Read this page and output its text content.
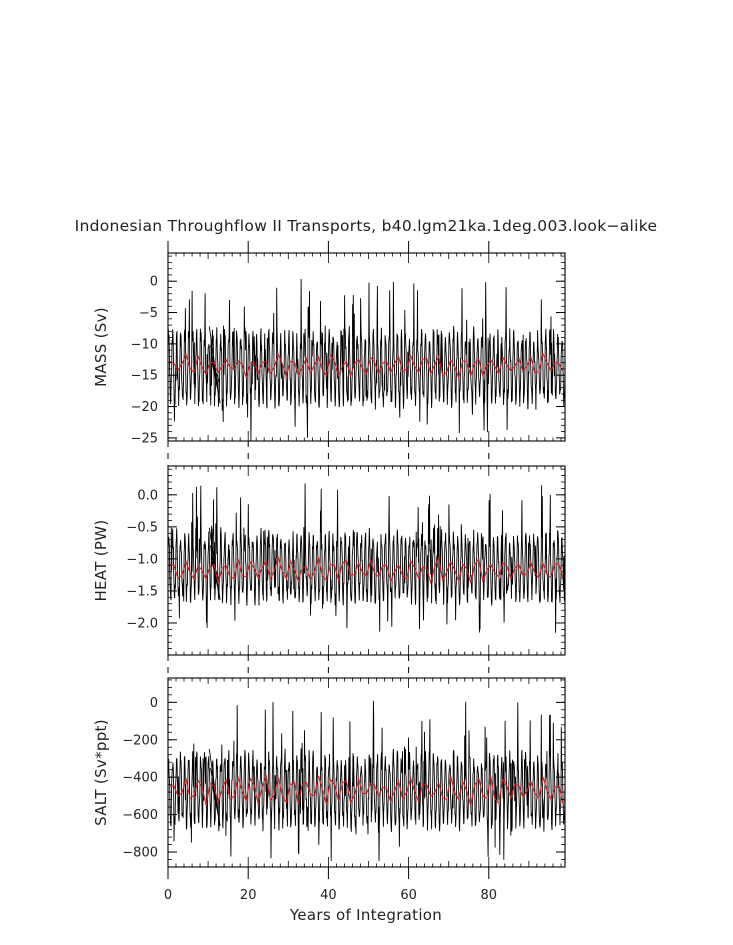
Indonesian Throughflow II Transports, b40.lgm21ka.1deg.003.look−alike
0
−5
−10
−15
−20
−25
MASS (Sv)
0.0
−0.5
−1.0
−1.5
−2.0
HEAT (PW)
0
−200
−400
−600
−800
SALT (Sv*ppt)
0	20	40	60	80
Years of Integration
